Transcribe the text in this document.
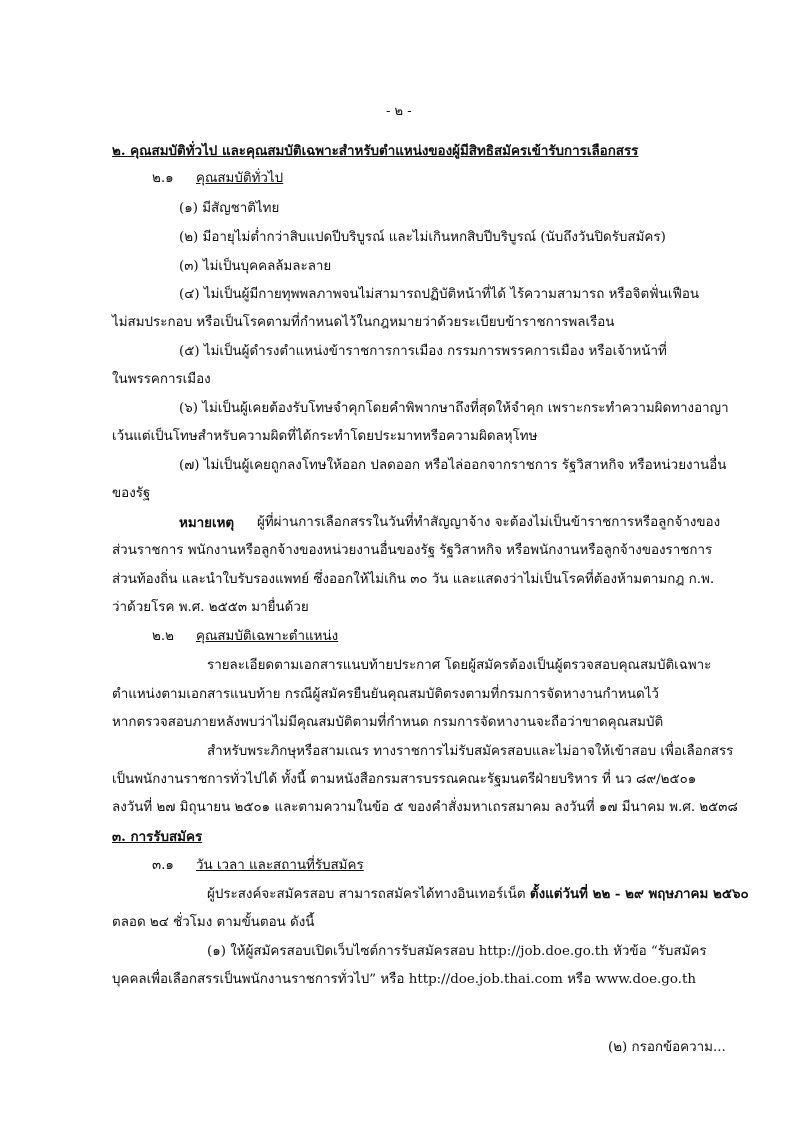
- ๒ -
๒. คุณสมบัติทั่วไป และคุณสมบัติเฉพาะสำหรับตำแหน่งของผู้มีสิทธิสมัครเข้ารับการเลือกสรร
๒.๑ คุณสมบัติทั่วไป
(๑) มีสัญชาติไทย
(๒) มีอายุไม่ต่ำกว่าสิบแปดปีบริบูรณ์ และไม่เกินหกสิบปีบริบูรณ์ (นับถึงวันปิดรับสมัคร)
(๓) ไม่เป็นบุคคลล้มละลาย
(๔) ไม่เป็นผู้มีกายทุพพลภาพจนไม่สามารถปฏิบัติหน้าที่ได้ ไร้ความสามารถ หรือจิตฟั่นเฟือน
ไม่สมประกอบ หรือเป็นโรคตามที่กำหนดไว้ในกฎหมายว่าด้วยระเบียบข้าราชการพลเรือน
(๕) ไม่เป็นผู้ดำรงตำแหน่งข้าราชการการเมือง กรรมการพรรคการเมือง หรือเจ้าหน้าที่
ในพรรคการเมือง
(๖) ไม่เป็นผู้เคยต้องรับโทษจำคุกโดยคำพิพากษาถึงที่สุดให้จำคุก เพราะกระทำความผิดทางอาญา
เว้นแต่เป็นโทษสำหรับความผิดที่ได้กระทำโดยประมาทหรือความผิดลหุโทษ
(๗) ไม่เป็นผู้เคยถูกลงโทษให้ออก ปลดออก หรือไล่ออกจากราชการ รัฐวิสาหกิจ หรือหน่วยงานอื่น
ของรัฐ
หมายเหตุ ผู้ที่ผ่านการเลือกสรรในวันที่ทำสัญญาจ้าง จะต้องไม่เป็นข้าราชการหรือลูกจ้างของ
ส่วนราชการ พนักงานหรือลูกจ้างของหน่วยงานอื่นของรัฐ รัฐวิสาหกิจ หรือพนักงานหรือลูกจ้างของราชการ
ส่วนท้องถิ่น และนำใบรับรองแพทย์ ซึ่งออกให้ไม่เกิน ๓๐ วัน และแสดงว่าไม่เป็นโรคที่ต้องห้ามตามกฎ ก.พ.
ว่าด้วยโรค พ.ศ. ๒๕๕๓ มายื่นด้วย
๒.๒ คุณสมบัติเฉพาะตำแหน่ง
รายละเอียดตามเอกสารแนบท้ายประกาศ โดยผู้สมัครต้องเป็นผู้ตรวจสอบคุณสมบัติเฉพาะ
ตำแหน่งตามเอกสารแนบท้าย กรณีผู้สมัครยืนยันคุณสมบัติตรงตามที่กรมการจัดหางานกำหนดไว้
หากตรวจสอบภายหลังพบว่าไม่มีคุณสมบัติตามที่กำหนด กรมการจัดหางานจะถือว่าขาดคุณสมบัติ
สำหรับพระภิกษุหรือสามเณร ทางราชการไม่รับสมัครสอบและไม่อาจให้เข้าสอบ เพื่อเลือกสรร
เป็นพนักงานราชการทั่วไปได้ ทั้งนี้ ตามหนังสือกรมสารบรรณคณะรัฐมนตรีฝ่ายบริหาร ที่ นว ๘๙/๒๕๐๑
ลงวันที่ ๒๗ มิถุนายน ๒๕๐๑ และตามความในข้อ ๕ ของคำสั่งมหาเถรสมาคม ลงวันที่ ๑๗ มีนาคม พ.ศ. ๒๕๓๘
๓. การรับสมัคร
๓.๑ วัน เวลา และสถานที่รับสมัคร
ผู้ประสงค์จะสมัครสอบ สามารถสมัครได้ทางอินเทอร์เน็ต ตั้งแต่วันที่ ๒๒ - ๒๙ พฤษภาคม ๒๕๖๐
ตลอด ๒๔ ชั่วโมง ตามขั้นตอน ดังนี้
(๑) ให้ผู้สมัครสอบเปิดเว็บไซต์การรับสมัครสอบ http://job.doe.go.th หัวข้อ “รับสมัคร
บุคคลเพื่อเลือกสรรเป็นพนักงานราชการทั่วไป” หรือ http://doe.job.thai.com หรือ www.doe.go.th
(๒) กรอกข้อความ...
